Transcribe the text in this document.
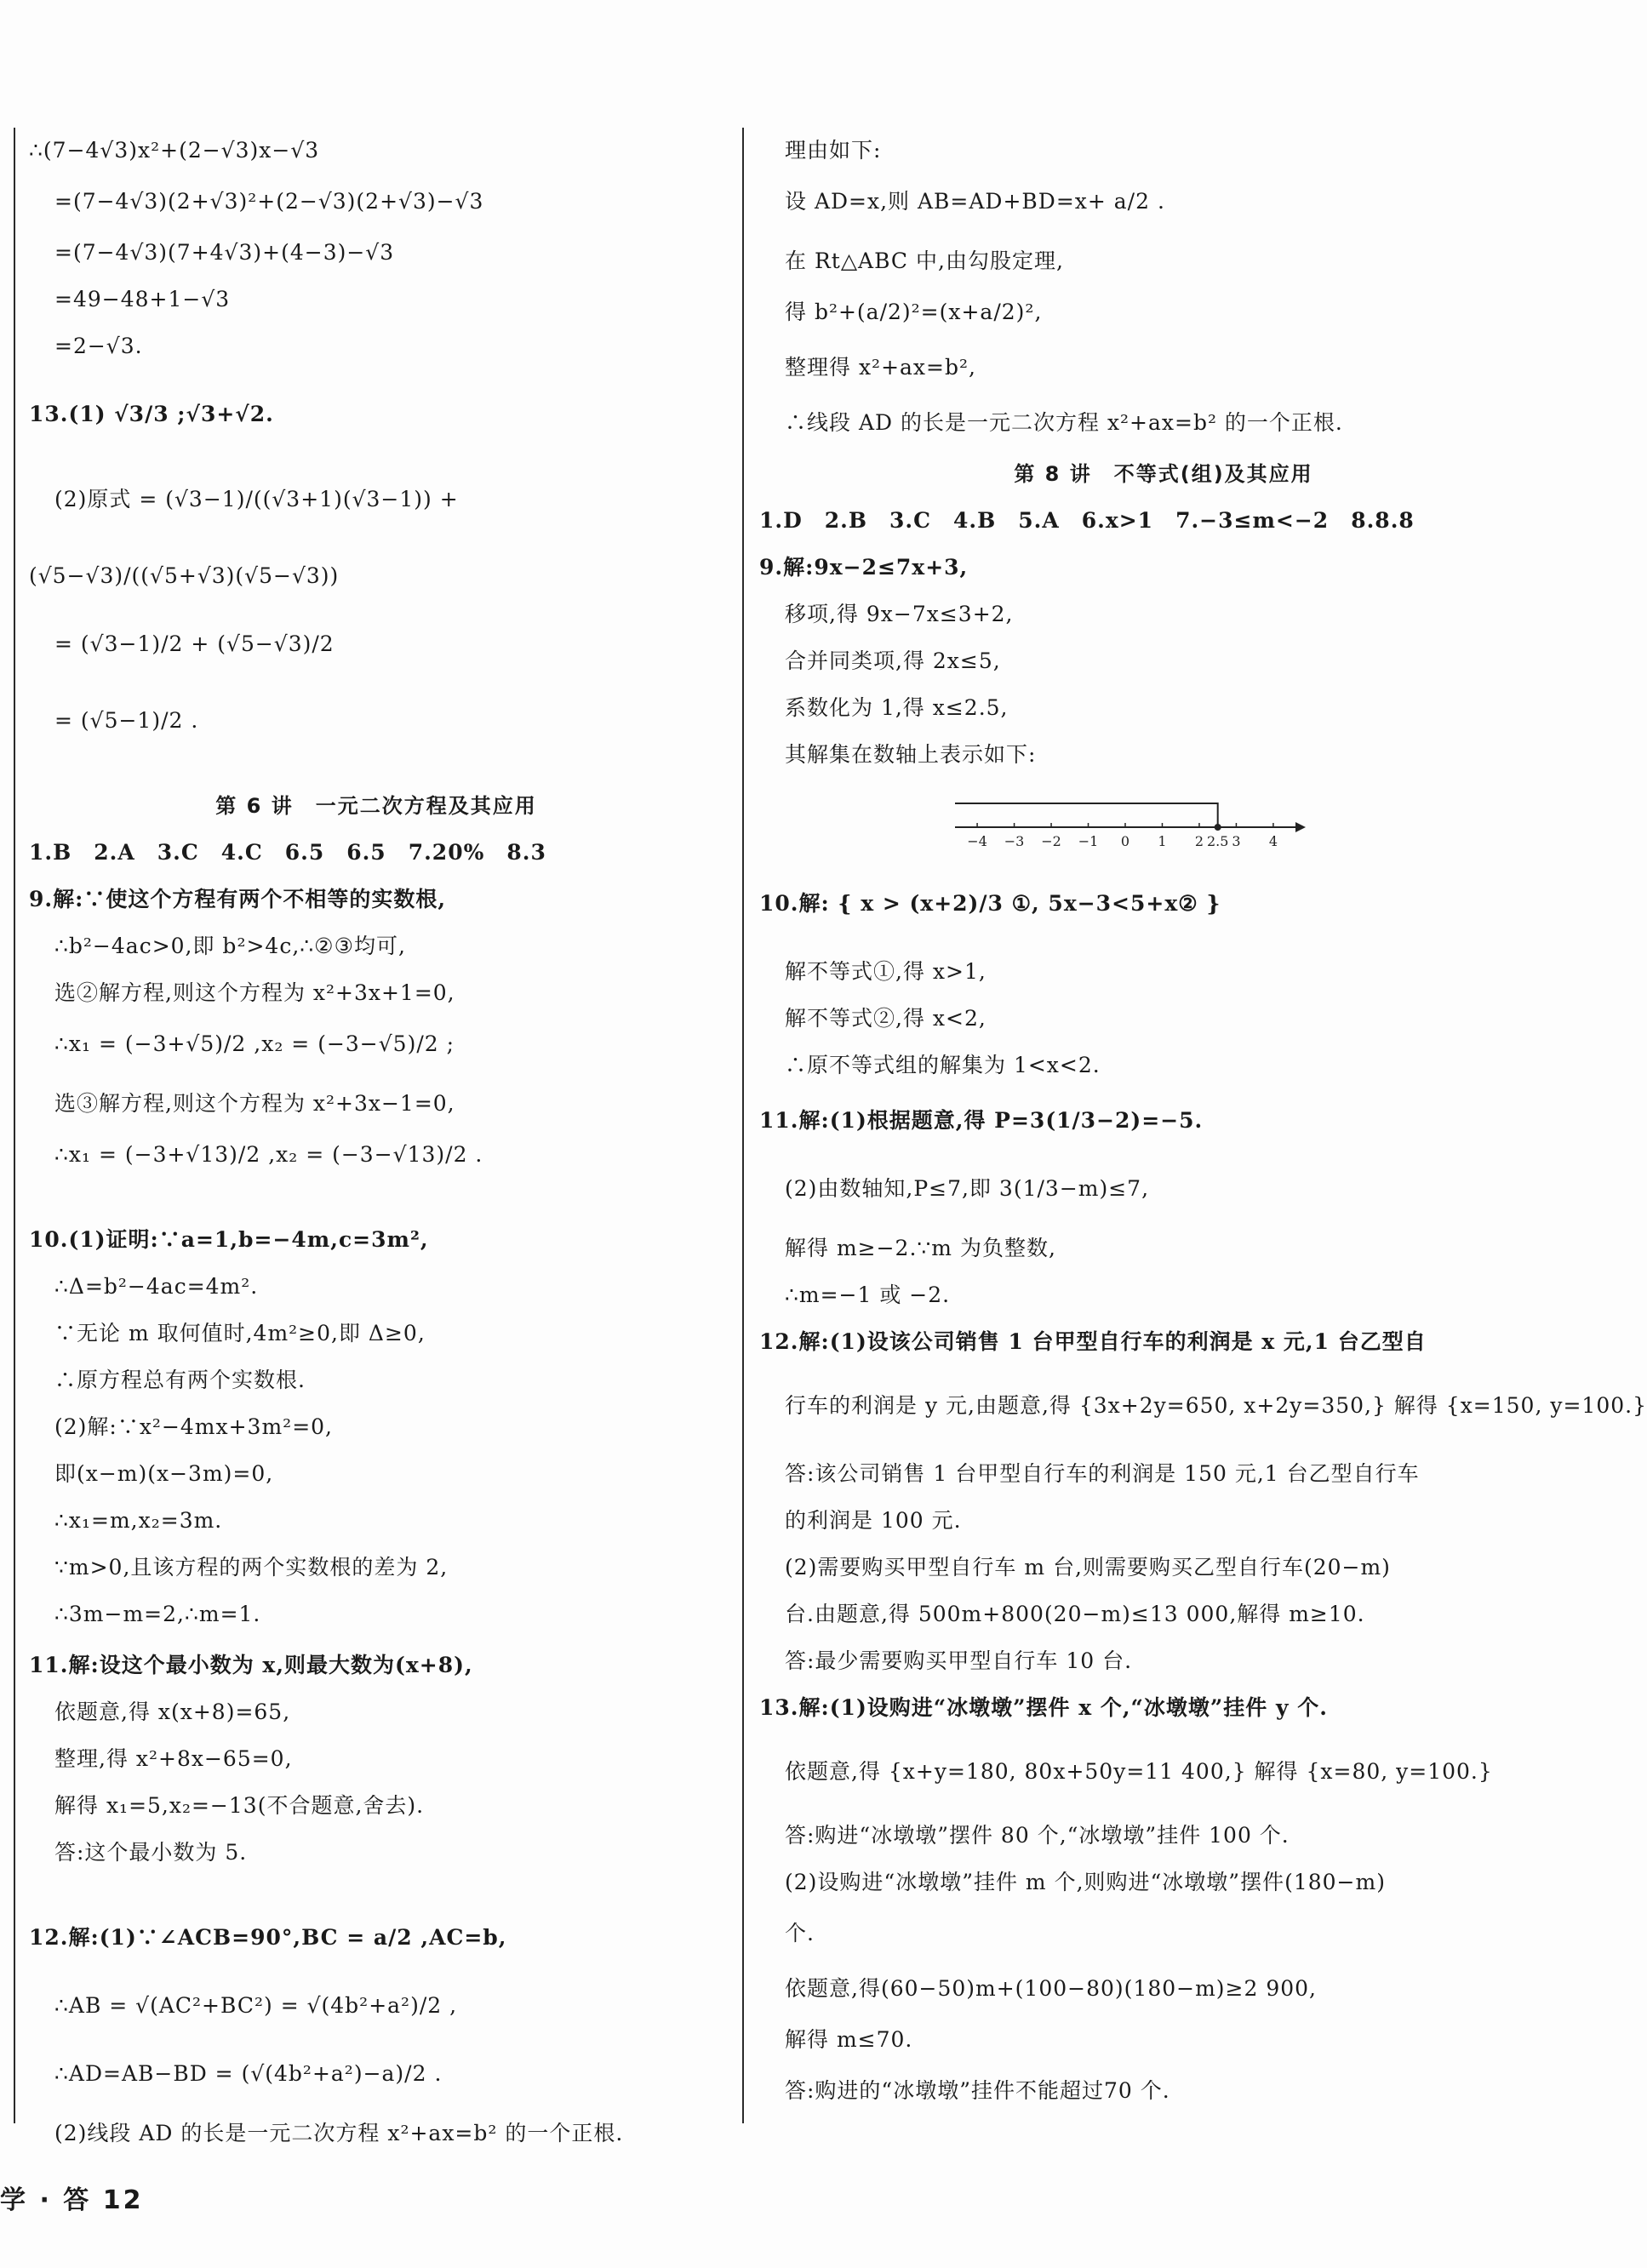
∴(7−4√3)x²+(2−√3)x−√3
=(7−4√3)(2+√3)²+(2−√3)(2+√3)−√3
=(7−4√3)(7+4√3)+(4−3)−√3
=49−48+1−√3
=2−√3.
13.(1) √3/3 ;√3+√2.
(2)原式 = (√3−1)/((√3+1)(√3−1)) +
(√5−√3)/((√5+√3)(√5−√3))
= (√3−1)/2 + (√5−√3)/2
= (√5−1)/2 .
第 6 讲　一元二次方程及其应用
1.B　2.A　3.C　4.C　6.5　6.5　7.20%　8.3
9.解:∵使这个方程有两个不相等的实数根,
∴b²−4ac>0,即 b²>4c,∴②③均可,
选②解方程,则这个方程为 x²+3x+1=0,
∴x₁ = (−3+√5)/2 ,x₂ = (−3−√5)/2 ;
选③解方程,则这个方程为 x²+3x−1=0,
∴x₁ = (−3+√13)/2 ,x₂ = (−3−√13)/2 .
10.(1)证明:∵a=1,b=−4m,c=3m²,
∴Δ=b²−4ac=4m².
∵无论 m 取何值时,4m²≥0,即 Δ≥0,
∴原方程总有两个实数根.
(2)解:∵x²−4mx+3m²=0,
即(x−m)(x−3m)=0,
∴x₁=m,x₂=3m.
∵m>0,且该方程的两个实数根的差为 2,
∴3m−m=2,∴m=1.
11.解:设这个最小数为 x,则最大数为(x+8),
依题意,得 x(x+8)=65,
整理,得 x²+8x−65=0,
解得 x₁=5,x₂=−13(不合题意,舍去).
答:这个最小数为 5.
12.解:(1)∵∠ACB=90°,BC = a/2 ,AC=b,
∴AB = √(AC²+BC²) = √(4b²+a²)/2 ,
∴AD=AB−BD = (√(4b²+a²)−a)/2 .
(2)线段 AD 的长是一元二次方程 x²+ax=b² 的一个正根.
理由如下:
设 AD=x,则 AB=AD+BD=x+ a/2 .
在 Rt△ABC 中,由勾股定理,
得 b²+(a/2)²=(x+a/2)²,
整理得 x²+ax=b²,
∴线段 AD 的长是一元二次方程 x²+ax=b² 的一个正根.
第 8 讲　不等式(组)及其应用
1.D　2.B　3.C　4.B　5.A　6.x>1　7.−3≤m<−2　8.8.8
9.解:9x−2≤7x+3,
移项,得 9x−7x≤3+2,
合并同类项,得 2x≤5,
系数化为 1,得 x≤2.5,
其解集在数轴上表示如下:
10.解: { x > (x+2)/3 ①, 5x−3<5+x② }
解不等式①,得 x>1,
解不等式②,得 x<2,
∴原不等式组的解集为 1<x<2.
11.解:(1)根据题意,得 P=3(1/3−2)=−5.
(2)由数轴知,P≤7,即 3(1/3−m)≤7,
解得 m≥−2.∵m 为负整数,
∴m=−1 或 −2.
12.解:(1)设该公司销售 1 台甲型自行车的利润是 x 元,1 台乙型自
行车的利润是 y 元,由题意,得 {3x+2y=650, x+2y=350,} 解得 {x=150, y=100.}
答:该公司销售 1 台甲型自行车的利润是 150 元,1 台乙型自行车
的利润是 100 元.
(2)需要购买甲型自行车 m 台,则需要购买乙型自行车(20−m)
台.由题意,得 500m+800(20−m)≤13 000,解得 m≥10.
答:最少需要购买甲型自行车 10 台.
13.解:(1)设购进“冰墩墩”摆件 x 个,“冰墩墩”挂件 y 个.
依题意,得 {x+y=180, 80x+50y=11 400,} 解得 {x=80, y=100.}
答:购进“冰墩墩”摆件 80 个,“冰墩墩”挂件 100 个.
(2)设购进“冰墩墩”挂件 m 个,则购进“冰墩墩”摆件(180−m)
个.
依题意,得(60−50)m+(100−80)(180−m)≥2 900,
解得 m≤70.
答:购进的“冰墩墩”挂件不能超过70 个.
−4 −3 −2 −1 0 1 2 2.5 3 4
学 · 答 12
